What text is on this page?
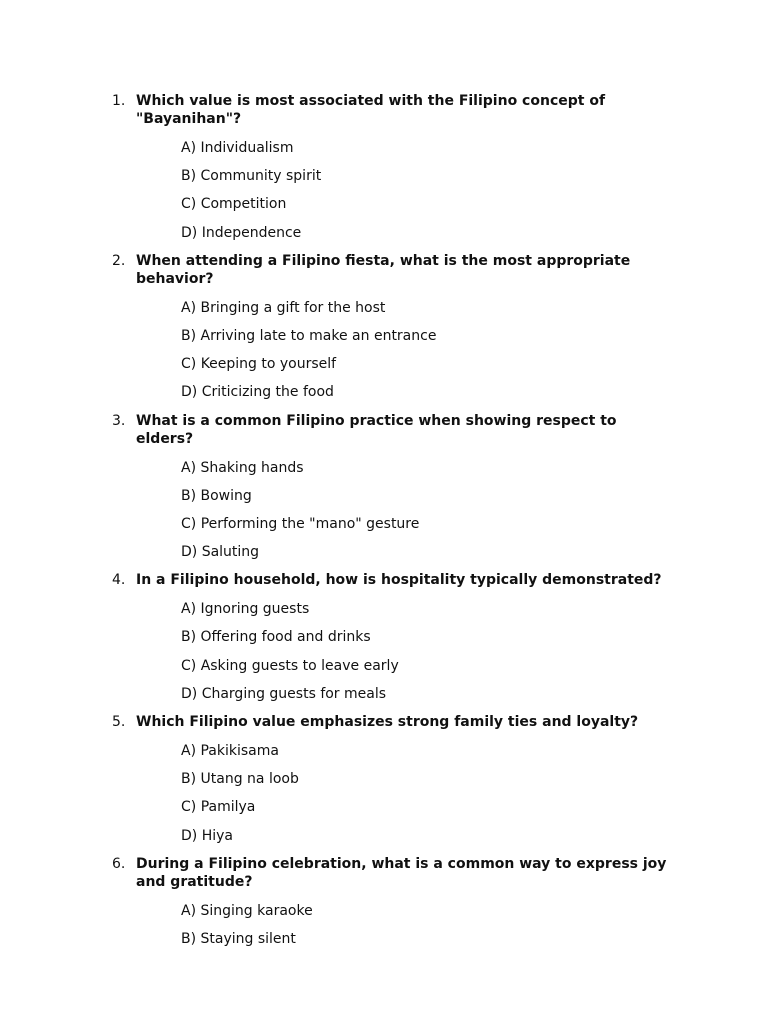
1. Which value is most associated with the Filipino concept of "Bayanihan"?
A) Individualism
B) Community spirit
C) Competition
D) Independence
2. When attending a Filipino fiesta, what is the most appropriate behavior?
A) Bringing a gift for the host
B) Arriving late to make an entrance
C) Keeping to yourself
D) Criticizing the food
3. What is a common Filipino practice when showing respect to elders?
A) Shaking hands
B) Bowing
C) Performing the "mano" gesture
D) Saluting
4. In a Filipino household, how is hospitality typically demonstrated?
A) Ignoring guests
B) Offering food and drinks
C) Asking guests to leave early
D) Charging guests for meals
5. Which Filipino value emphasizes strong family ties and loyalty?
A) Pakikisama
B) Utang na loob
C) Pamilya
D) Hiya
6. During a Filipino celebration, what is a common way to express joy and gratitude?
A) Singing karaoke
B) Staying silent
